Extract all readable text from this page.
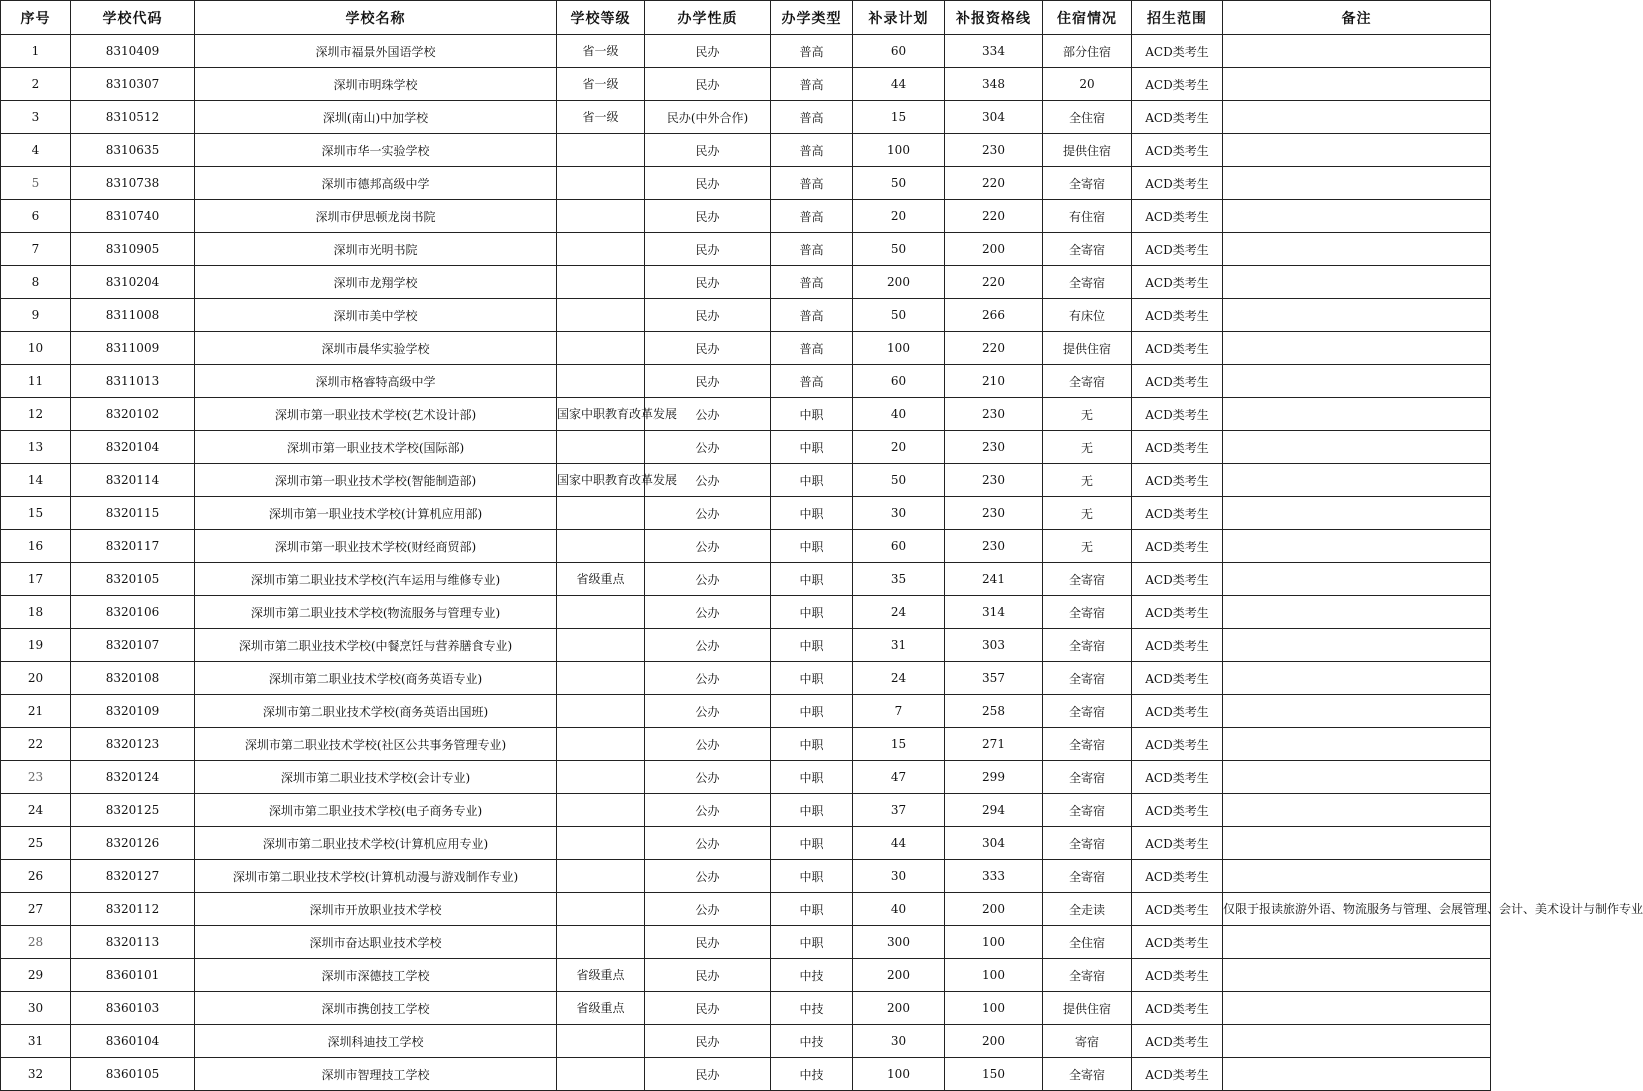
序号	学校代码	学校名称	学校等级	办学性质	办学类型	补录计划	补报资格线	住宿情况	招生范围	备注
1	8310409	深圳市福景外国语学校	省一级	民办	普高	60	334	部分住宿	ACD类考生	
2	8310307	深圳市明珠学校	省一级	民办	普高	44	348	20	ACD类考生	
3	8310512	深圳(南山)中加学校	省一级	民办(中外合作)	普高	15	304	全住宿	ACD类考生	
4	8310635	深圳市华一实验学校		民办	普高	100	230	提供住宿	ACD类考生	
5	8310738	深圳市德邦高级中学		民办	普高	50	220	全寄宿	ACD类考生	
6	8310740	深圳市伊思顿龙岗书院		民办	普高	20	220	有住宿	ACD类考生	
7	8310905	深圳市光明书院		民办	普高	50	200	全寄宿	ACD类考生	
8	8310204	深圳市龙翔学校		民办	普高	200	220	全寄宿	ACD类考生	
9	8311008	深圳市美中学校		民办	普高	50	266	有床位	ACD类考生	
10	8311009	深圳市晨华实验学校		民办	普高	100	220	提供住宿	ACD类考生	
11	8311013	深圳市格睿特高级中学		民办	普高	60	210	全寄宿	ACD类考生	
12	8320102	深圳市第一职业技术学校(艺术设计部)	国家中职教育改革发展	公办	中职	40	230	无	ACD类考生	
13	8320104	深圳市第一职业技术学校(国际部)		公办	中职	20	230	无	ACD类考生	
14	8320114	深圳市第一职业技术学校(智能制造部)	国家中职教育改革发展	公办	中职	50	230	无	ACD类考生	
15	8320115	深圳市第一职业技术学校(计算机应用部)		公办	中职	30	230	无	ACD类考生	
16	8320117	深圳市第一职业技术学校(财经商贸部)		公办	中职	60	230	无	ACD类考生	
17	8320105	深圳市第二职业技术学校(汽车运用与维修专业)	省级重点	公办	中职	35	241	全寄宿	ACD类考生	
18	8320106	深圳市第二职业技术学校(物流服务与管理专业)		公办	中职	24	314	全寄宿	ACD类考生	
19	8320107	深圳市第二职业技术学校(中餐烹饪与营养膳食专业)		公办	中职	31	303	全寄宿	ACD类考生	
20	8320108	深圳市第二职业技术学校(商务英语专业)		公办	中职	24	357	全寄宿	ACD类考生	
21	8320109	深圳市第二职业技术学校(商务英语出国班)		公办	中职	7	258	全寄宿	ACD类考生	
22	8320123	深圳市第二职业技术学校(社区公共事务管理专业)		公办	中职	15	271	全寄宿	ACD类考生	
23	8320124	深圳市第二职业技术学校(会计专业)		公办	中职	47	299	全寄宿	ACD类考生	
24	8320125	深圳市第二职业技术学校(电子商务专业)		公办	中职	37	294	全寄宿	ACD类考生	
25	8320126	深圳市第二职业技术学校(计算机应用专业)		公办	中职	44	304	全寄宿	ACD类考生	
26	8320127	深圳市第二职业技术学校(计算机动漫与游戏制作专业)		公办	中职	30	333	全寄宿	ACD类考生	
27	8320112	深圳市开放职业技术学校		公办	中职	40	200	全走读	ACD类考生	仅限于报读旅游外语、物流服务与管理、会展管理、会计、美术设计与制作专业
28	8320113	深圳市奋达职业技术学校		民办	中职	300	100	全住宿	ACD类考生	
29	8360101	深圳市深德技工学校	省级重点	民办	中技	200	100	全寄宿	ACD类考生	
30	8360103	深圳市携创技工学校	省级重点	民办	中技	200	100	提供住宿	ACD类考生	
31	8360104	深圳科迪技工学校		民办	中技	30	200	寄宿	ACD类考生	
32	8360105	深圳市智理技工学校		民办	中技	100	150	全寄宿	ACD类考生	
